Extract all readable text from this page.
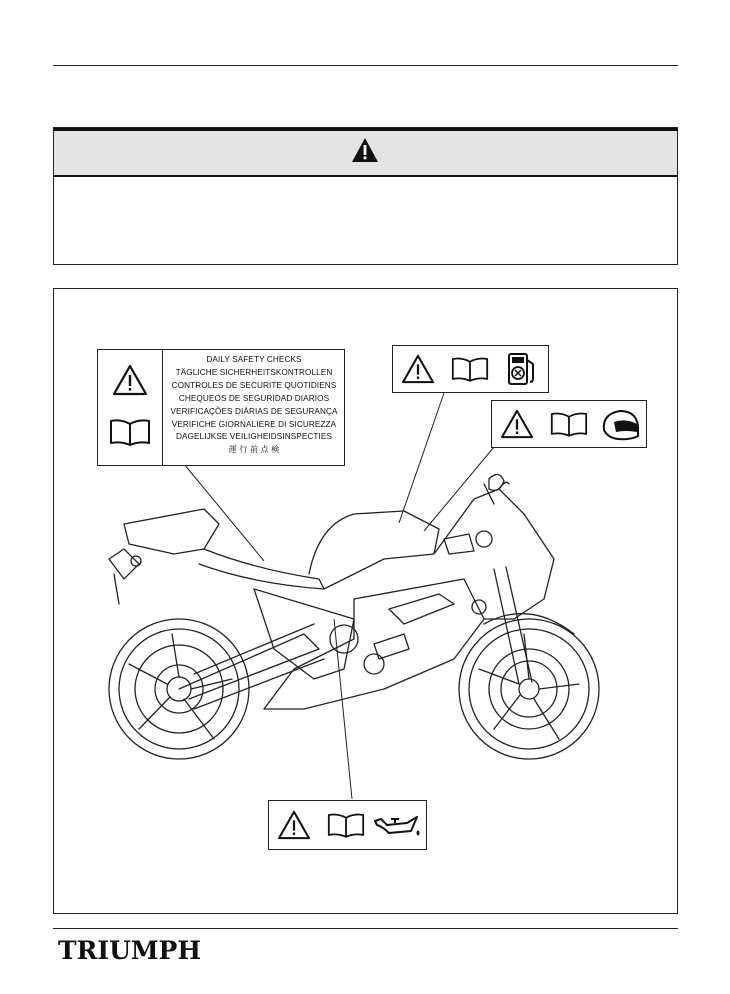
DAILY SAFETY CHECKS
TÄGLICHE SICHERHEITSKONTROLLEN
CONTROLES DE SECURITE QUOTIDIENS
CHEQUEOS DE SEGURIDAD DIARIOS
VERIFICAÇÕES DIÁRIAS DE SEGURANÇA
VERIFICHE GIORNALIERE DI SICUREZZA
DAGELIJKSE VEILIGHEIDSINSPECTIES
運 行 前 点 検
TRIUMPH
